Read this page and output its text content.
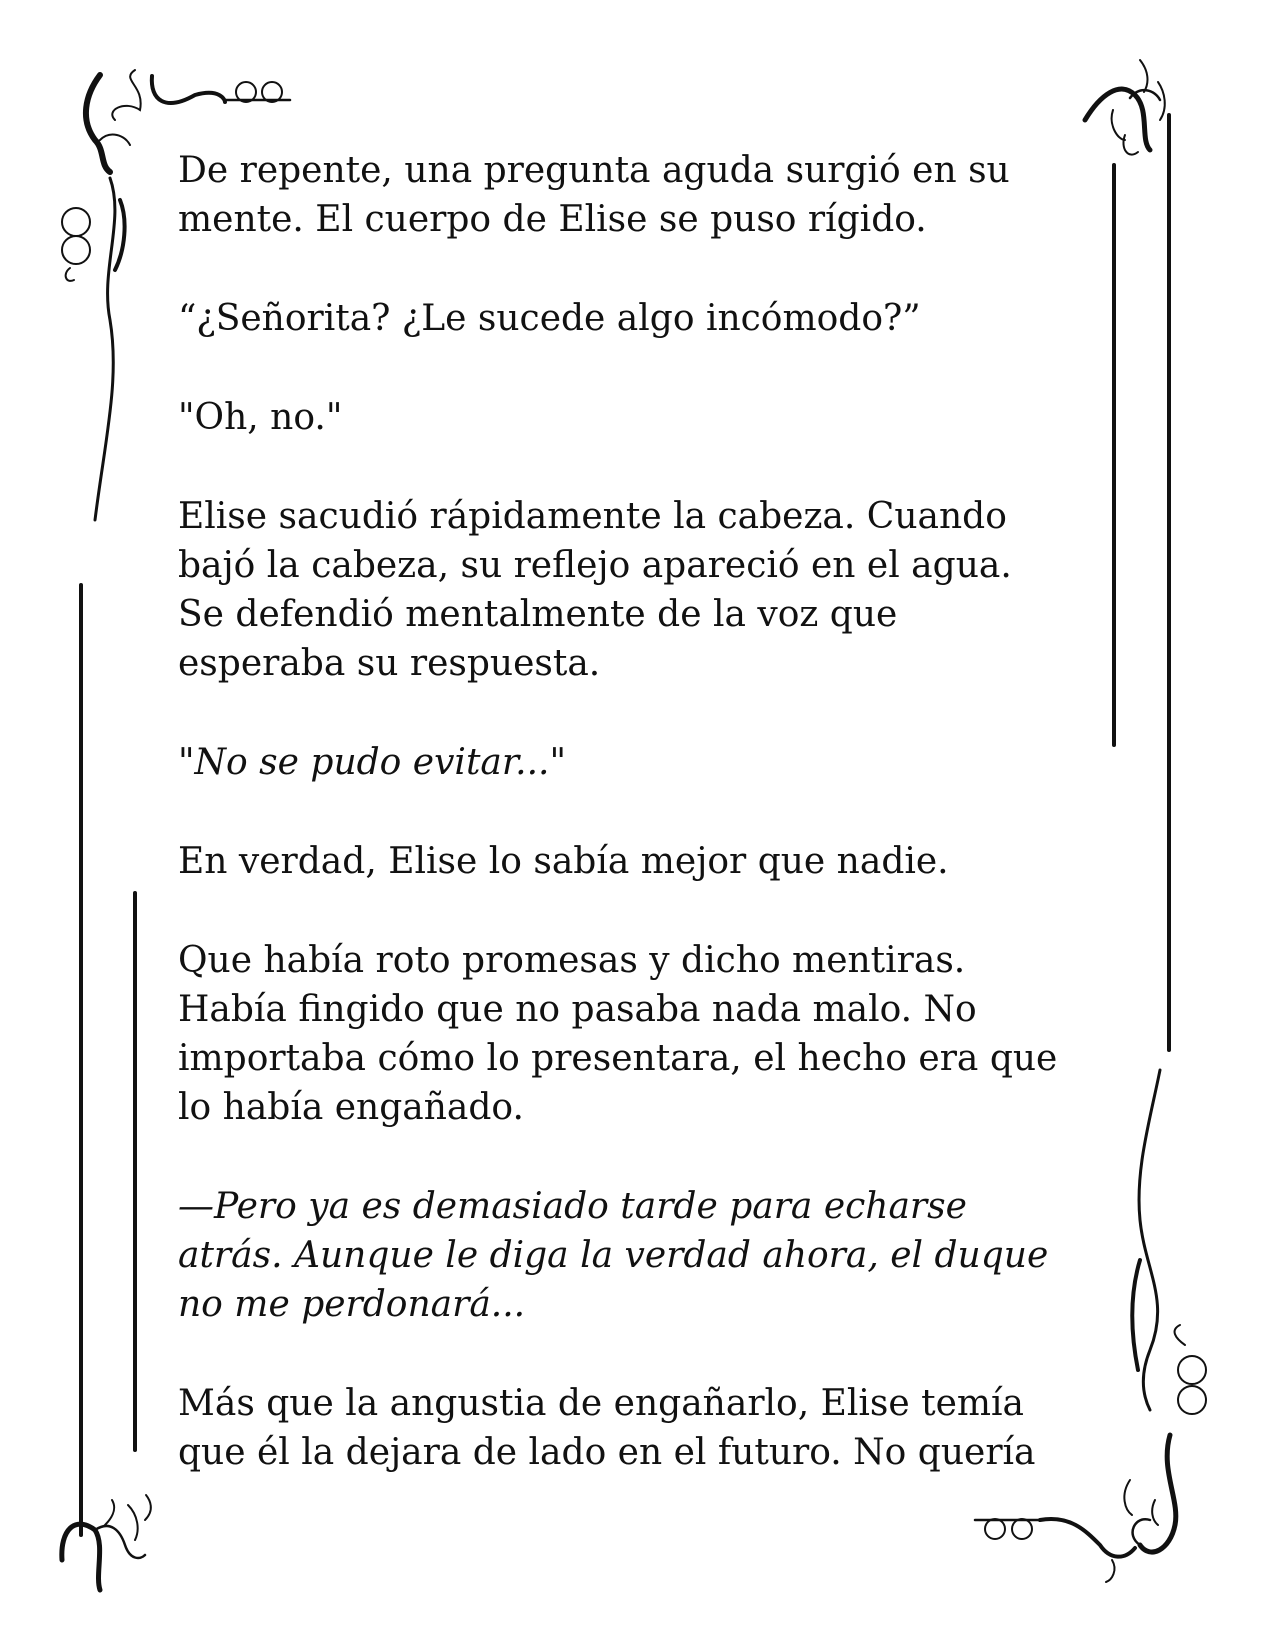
De repente, una pregunta aguda surgió en su
mente. El cuerpo de Elise se puso rígido.

“¿Señorita? ¿Le sucede algo incómodo?”

"Oh, no."

Elise sacudió rápidamente la cabeza. Cuando
bajó la cabeza, su reflejo apareció en el agua.
Se defendió mentalmente de la voz que
esperaba su respuesta.

"No se pudo evitar..."

En verdad, Elise lo sabía mejor que nadie.

Que había roto promesas y dicho mentiras.
Había fingido que no pasaba nada malo. No
importaba cómo lo presentara, el hecho era que
lo había engañado.

—Pero ya es demasiado tarde para echarse
atrás. Aunque le diga la verdad ahora, el duque
no me perdonará...

Más que la angustia de engañarlo, Elise temía
que él la dejara de lado en el futuro. No quería
